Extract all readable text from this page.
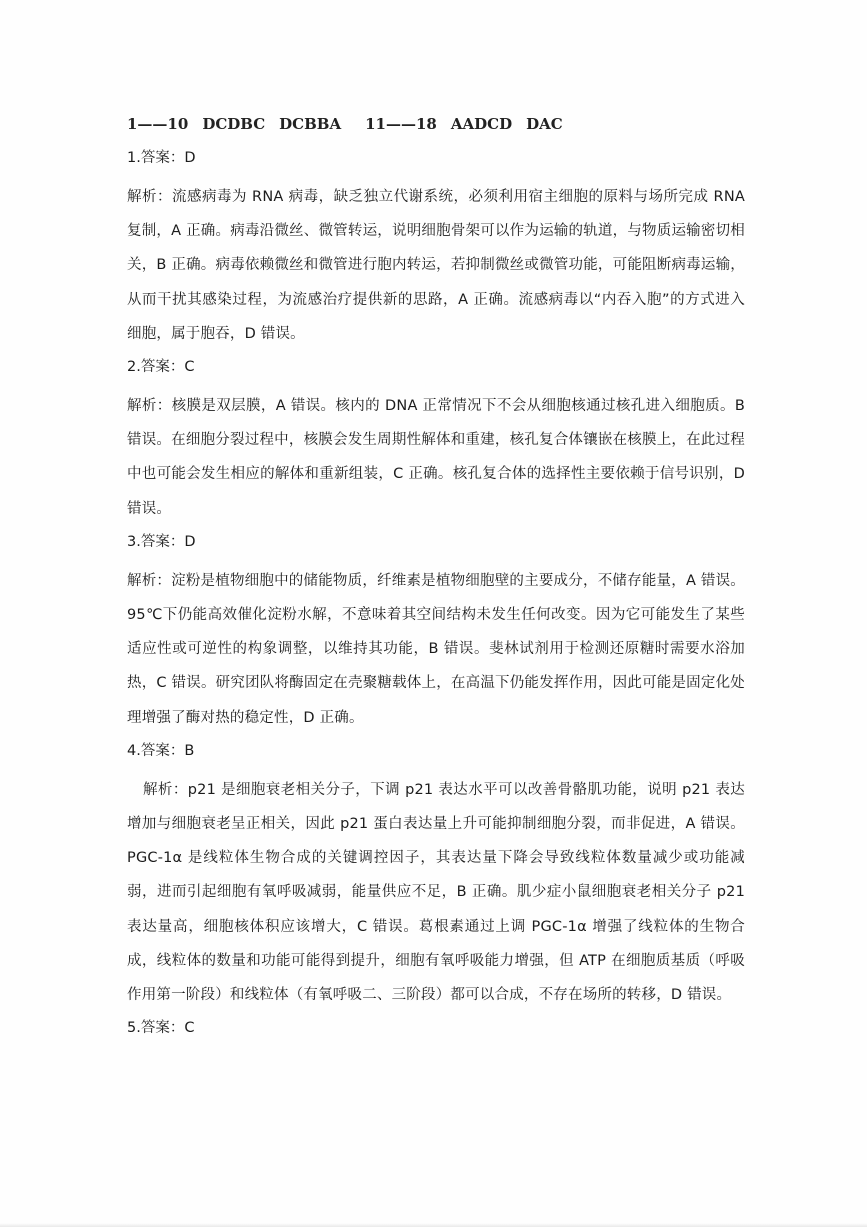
1——10 DCDBC DCBBA 11——18 AADCD DAC
1.答案：D
解析：流感病毒为 RNA 病毒，缺乏独立代谢系统，必须利用宿主细胞的原料与场所完成 RNA 复制，A 正确。病毒沿微丝、微管转运，说明细胞骨架可以作为运输的轨道，与物质运输密切相关，B 正确。病毒依赖微丝和微管进行胞内转运，若抑制微丝或微管功能，可能阻断病毒运输，从而干扰其感染过程，为流感治疗提供新的思路，A 正确。流感病毒以“内吞入胞”的方式进入细胞，属于胞吞，D 错误。
2.答案：C
解析：核膜是双层膜，A 错误。核内的 DNA 正常情况下不会从细胞核通过核孔进入细胞质。B 错误。在细胞分裂过程中，核膜会发生周期性解体和重建，核孔复合体镶嵌在核膜上，在此过程中也可能会发生相应的解体和重新组装，C 正确。核孔复合体的选择性主要依赖于信号识别，D 错误。
3.答案：D
解析：淀粉是植物细胞中的储能物质，纤维素是植物细胞壁的主要成分，不储存能量，A 错误。95℃下仍能高效催化淀粉水解，不意味着其空间结构未发生任何改变。因为它可能发生了某些适应性或可逆性的构象调整，以维持其功能，B 错误。斐林试剂用于检测还原糖时需要水浴加热，C 错误。研究团队将酶固定在壳聚糖载体上，在高温下仍能发挥作用，因此可能是固定化处理增强了酶对热的稳定性，D 正确。
4.答案：B
解析：p21 是细胞衰老相关分子，下调 p21 表达水平可以改善骨骼肌功能，说明 p21 表达增加与细胞衰老呈正相关，因此 p21 蛋白表达量上升可能抑制细胞分裂，而非促进，A 错误。PGC-1α 是线粒体生物合成的关键调控因子，其表达量下降会导致线粒体数量减少或功能减弱，进而引起细胞有氧呼吸减弱，能量供应不足，B 正确。肌少症小鼠细胞衰老相关分子 p21 表达量高，细胞核体积应该增大，C 错误。葛根素通过上调 PGC-1α 增强了线粒体的生物合成，线粒体的数量和功能可能得到提升，细胞有氧呼吸能力增强，但 ATP 在细胞质基质（呼吸作用第一阶段）和线粒体（有氧呼吸二、三阶段）都可以合成，不存在场所的转移，D 错误。
5.答案：C
